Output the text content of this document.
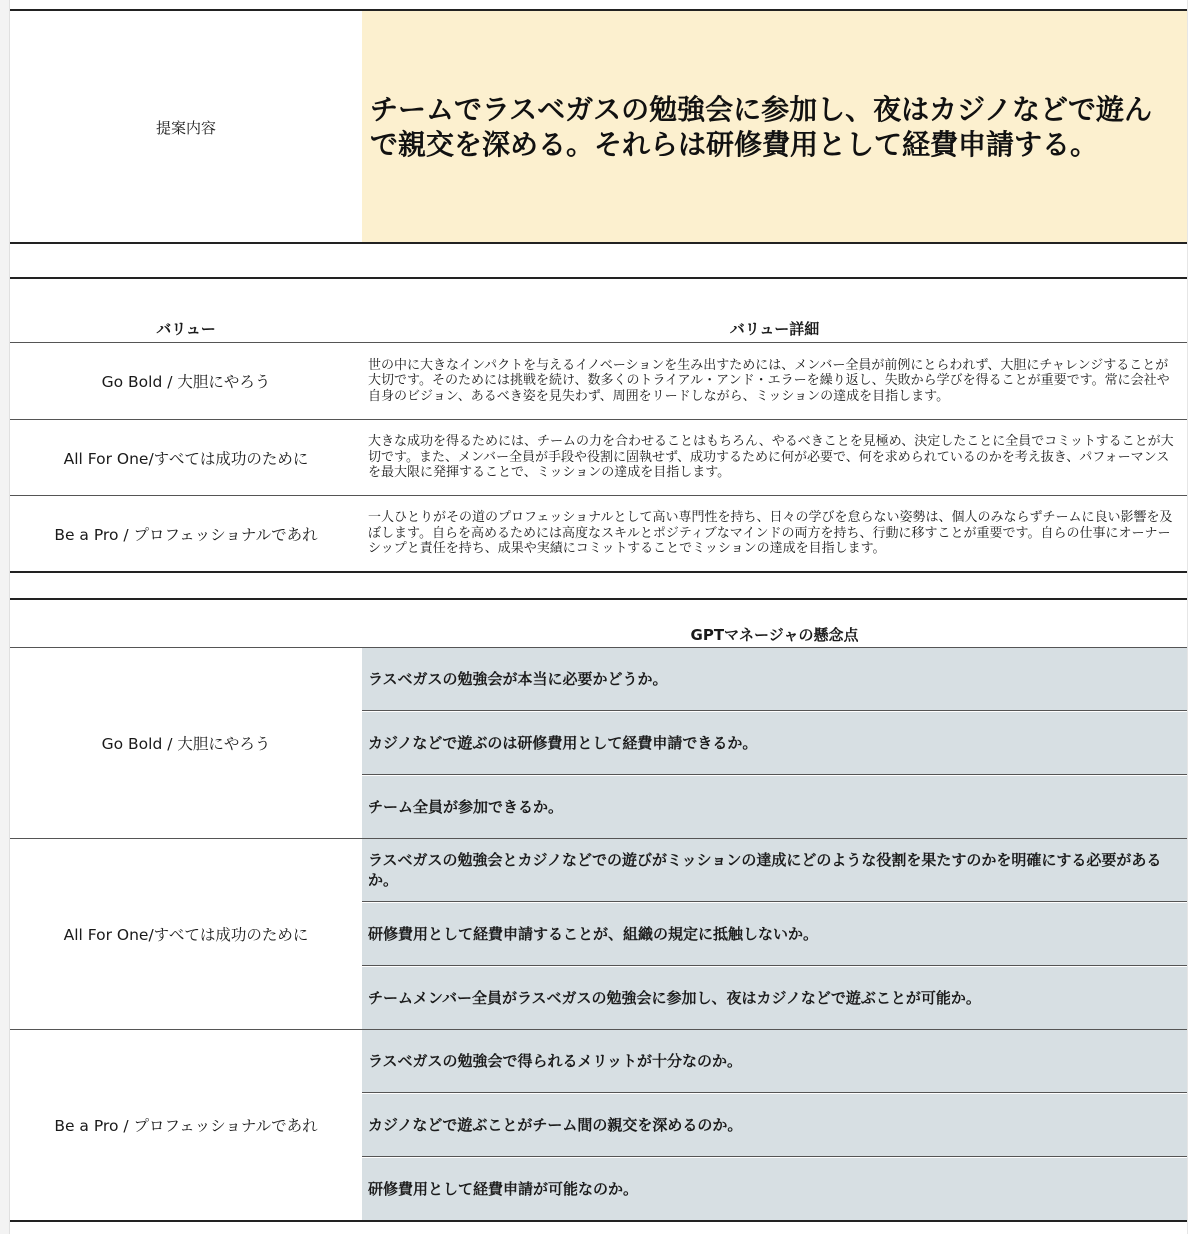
提案内容
チームでラスベガスの勉強会に参加し、夜はカジノなどで遊んで親交を深める。それらは研修費用として経費申請する。
バリュー	バリュー詳細
Go Bold / 大胆にやろう
世の中に大きなインパクトを与えるイノベーションを生み出すためには、メンバー全員が前例にとらわれず、大胆にチャレンジすることが大切です。そのためには挑戦を続け、数多くのトライアル・アンド・エラーを繰り返し、失敗から学びを得ることが重要です。常に会社や自身のビジョン、あるべき姿を見失わず、周囲をリードしながら、ミッションの達成を目指します。
All For One/すべては成功のために
大きな成功を得るためには、チームの力を合わせることはもちろん、やるべきことを見極め、決定したことに全員でコミットすることが大切です。また、メンバー全員が手段や役割に固執せず、成功するために何が必要で、何を求められているのかを考え抜き、パフォーマンスを最大限に発揮することで、ミッションの達成を目指します。
Be a Pro / プロフェッショナルであれ
一人ひとりがその道のプロフェッショナルとして高い専門性を持ち、日々の学びを怠らない姿勢は、個人のみならずチームに良い影響を及ぼします。自らを高めるためには高度なスキルとポジティブなマインドの両方を持ち、行動に移すことが重要です。自らの仕事にオーナーシップと責任を持ち、成果や実績にコミットすることでミッションの達成を目指します。
GPTマネージャの懸念点
Go Bold / 大胆にやろう
ラスベガスの勉強会が本当に必要かどうか。
カジノなどで遊ぶのは研修費用として経費申請できるか。
チーム全員が参加できるか。
All For One/すべては成功のために
ラスベガスの勉強会とカジノなどでの遊びがミッションの達成にどのような役割を果たすのかを明確にする必要があるか。
研修費用として経費申請することが、組織の規定に抵触しないか。
チームメンバー全員がラスベガスの勉強会に参加し、夜はカジノなどで遊ぶことが可能か。
Be a Pro / プロフェッショナルであれ
ラスベガスの勉強会で得られるメリットが十分なのか。
カジノなどで遊ぶことがチーム間の親交を深めるのか。
研修費用として経費申請が可能なのか。
